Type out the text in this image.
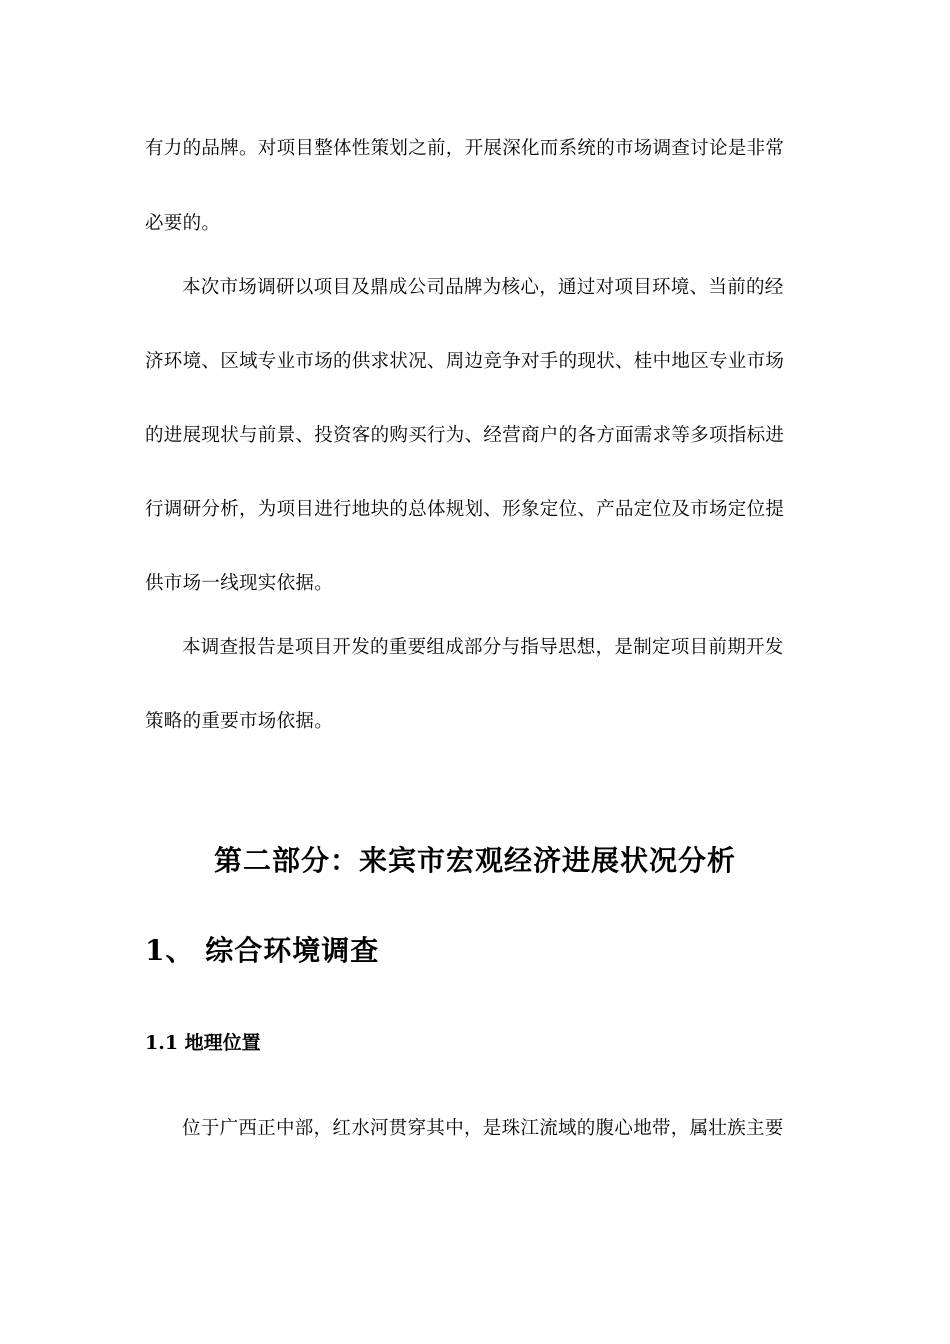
有力的品牌。对项目整体性策划之前，开展深化而系统的市场调查讨论是非常
必要的。
本次市场调研以项目及鼎成公司品牌为核心，通过对项目环境、当前的经
济环境、区域专业市场的供求状况、周边竞争对手的现状、桂中地区专业市场
的进展现状与前景、投资客的购买行为、经营商户的各方面需求等多项指标进
行调研分析，为项目进行地块的总体规划、形象定位、产品定位及市场定位提
供市场一线现实依据。
本调查报告是项目开发的重要组成部分与指导思想，是制定项目前期开发
策略的重要市场依据。
第二部分：来宾市宏观经济进展状况分析
1、 综合环境调查
1.1 地理位置
位于广西正中部，红水河贯穿其中，是珠江流域的腹心地带，属壮族主要
